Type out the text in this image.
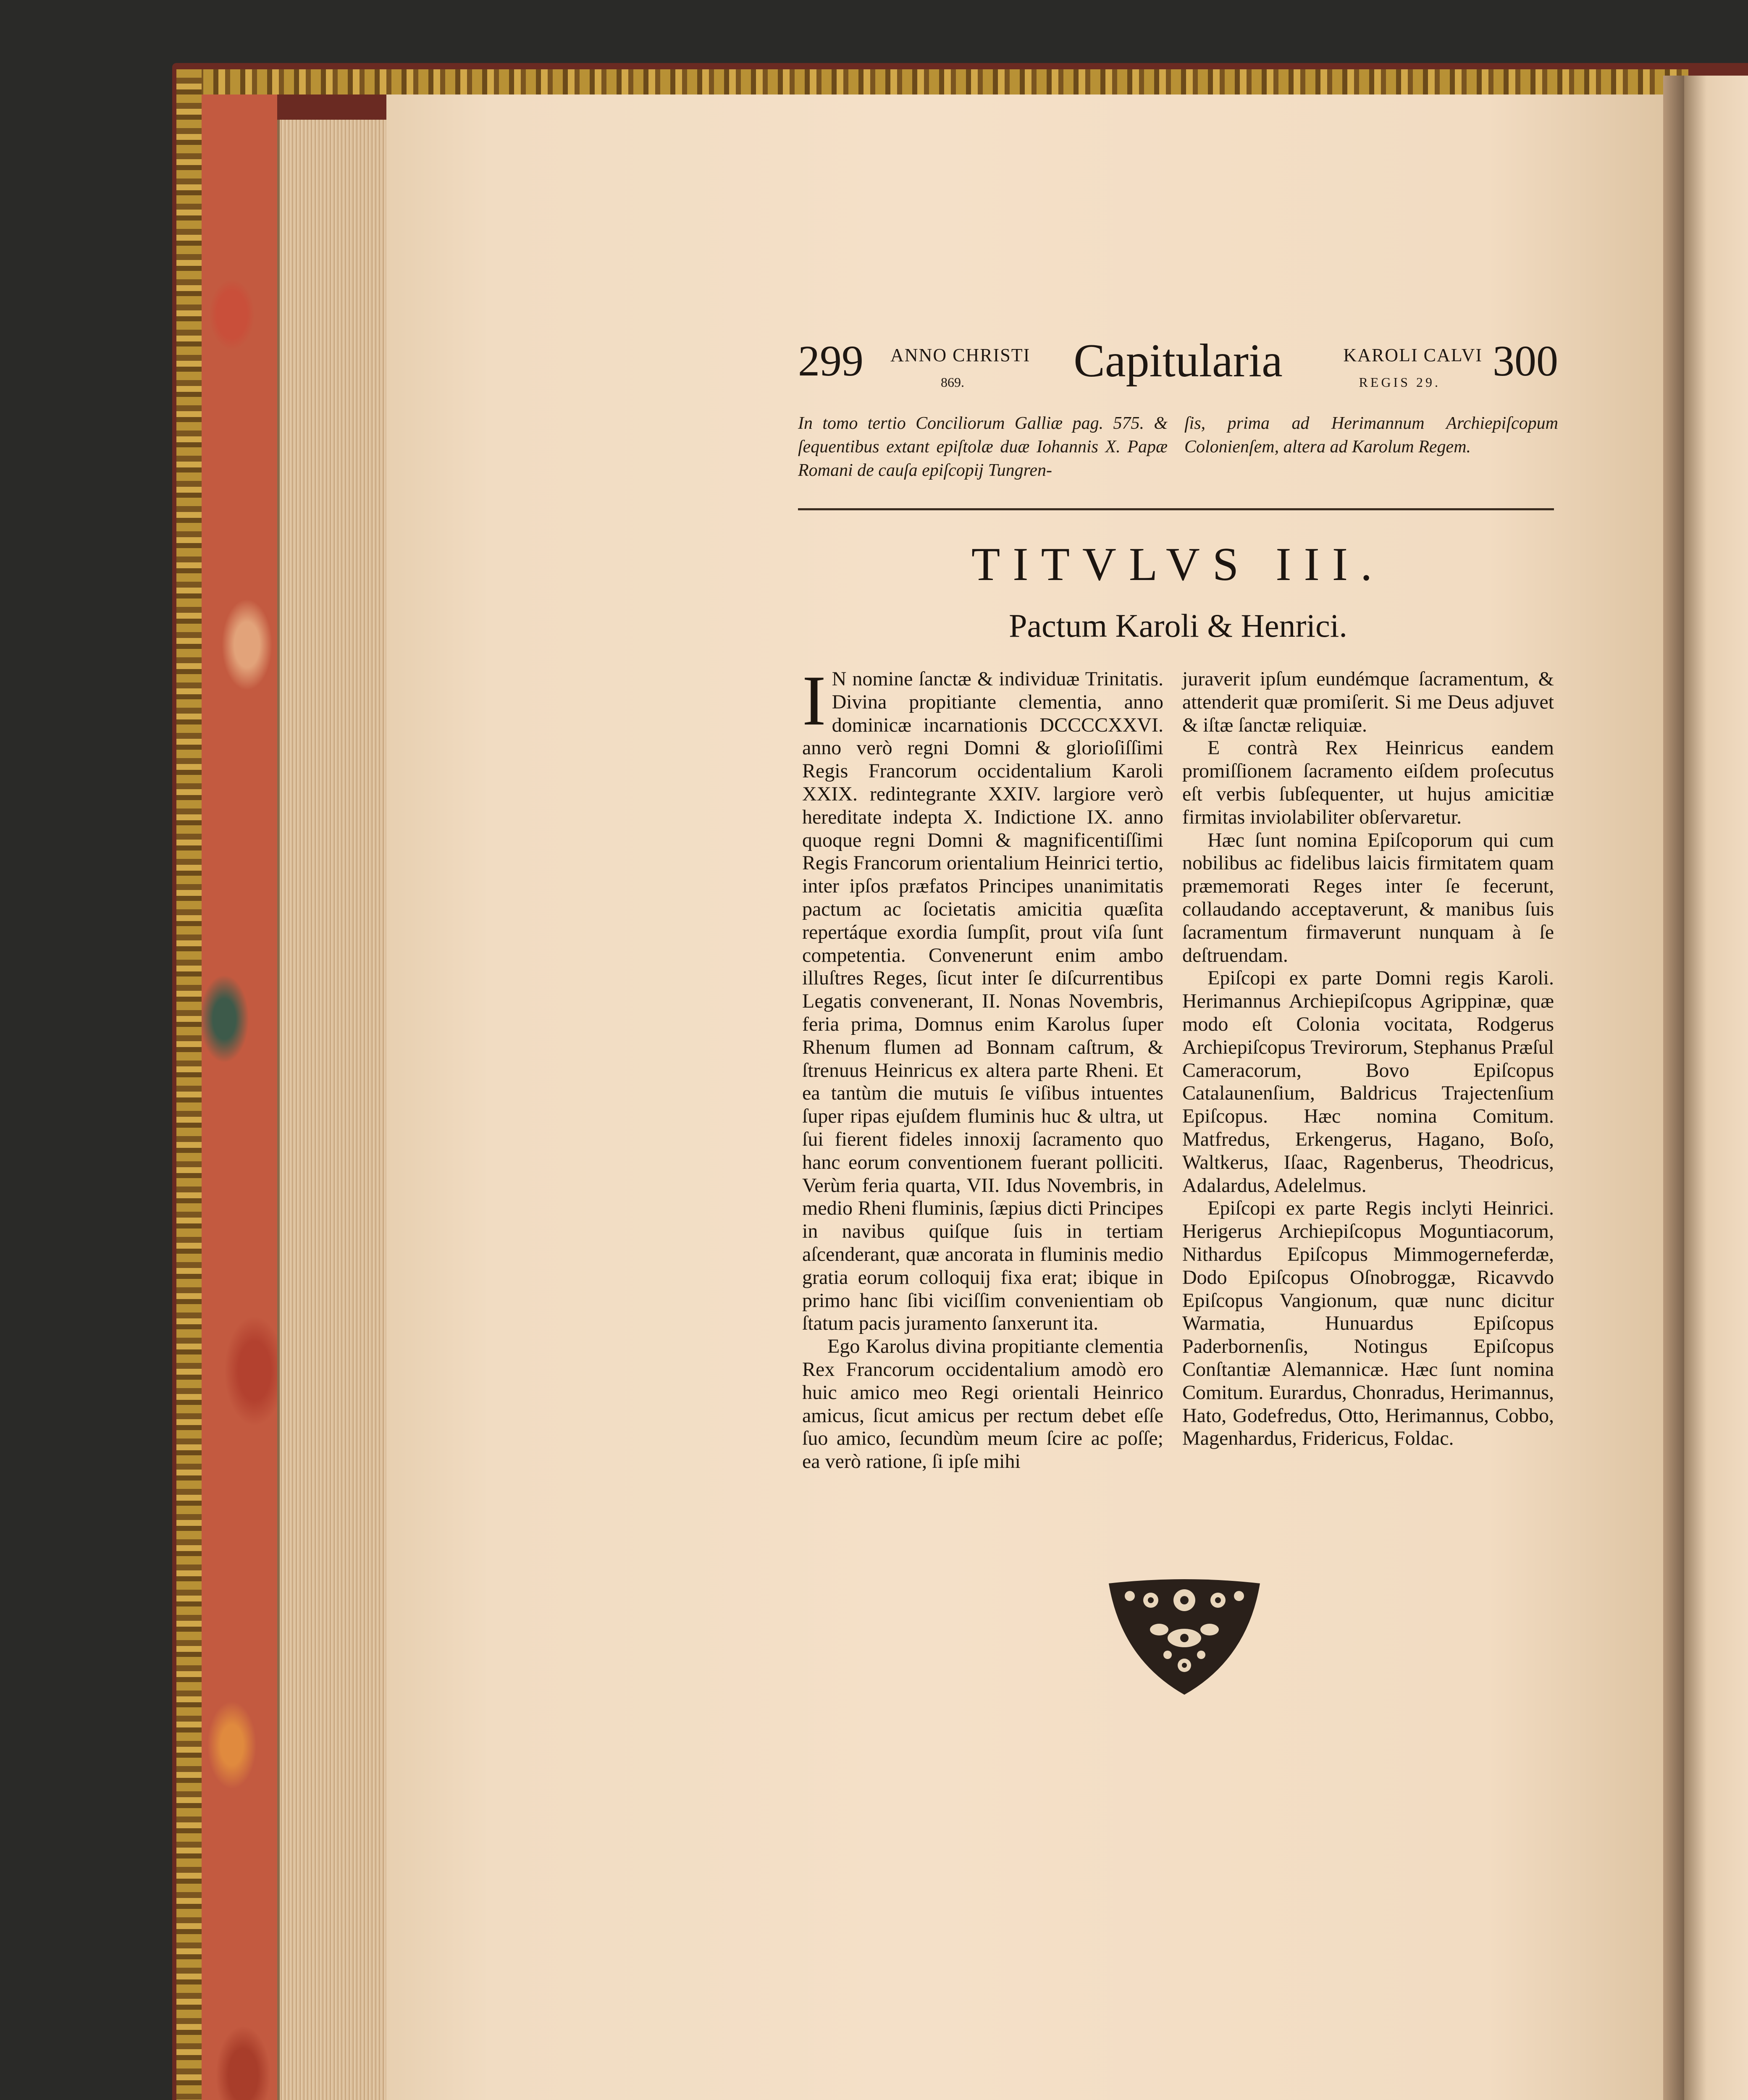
299 ANNO CHRISTI
869.	Capitularia	KAROLI CALVI
REGIS 29. 300
In tomo tertio Conciliorum Galliæ pag. 575. & ſequentibus extant epiſtolæ duæ Iohannis X. Papæ Romani de cauſa epiſcopij Tungren-
ſis, prima ad Herimannum Archiepiſcopum Colonienſem, altera ad Karolum Regem.
TITVLVS III.
Pactum Karoli & Henrici.

I N nomine ſanctæ & individuæ Trinitatis. Divina propitiante clementia, anno dominicæ incarnationis DCCCCXXVI. anno verò regni Domni & glorioſiſſimi Regis Francorum occidentalium Karoli XXIX. redintegrante XXIV. largiore verò hereditate indepta X. Indictione IX. anno quoque regni Domni & magnificentiſſimi Regis Francorum orientalium Heinrici tertio, inter ipſos præfatos Principes unanimitatis pactum ac ſocietatis amicitia quæſita repertáque exordia ſumpſit, prout viſa ſunt competentia. Convenerunt enim ambo illuſtres Reges, ſicut inter ſe diſcurrentibus Legatis convenerant, II. Nonas Novembris, feria prima, Domnus enim Karolus ſuper Rhenum flumen ad Bonnam caſtrum, & ſtrenuus Heinricus ex altera parte Rheni. Et ea tantùm die mutuis ſe viſibus intuentes ſuper ripas ejuſdem fluminis huc & ultra, ut ſui fierent fideles innoxij ſacramento quo hanc eorum conventionem fuerant polliciti. Verùm feria quarta, VII. Idus Novembris, in medio Rheni fluminis, ſæpius dicti Principes in navibus quiſque ſuis in tertiam aſcenderant, quæ ancorata in fluminis medio gratia eorum colloquij fixa erat; ibique in primo hanc ſibi viciſſim convenientiam ob ſtatum pacis juramento ſanxerunt ita.

Ego Karolus divina propitiante clementia Rex Francorum occidentalium amodò ero huic amico meo Regi orientali Heinrico amicus, ſicut amicus per rectum debet eſſe ſuo amico, ſecundùm meum ſcire ac poſſe; ea verò ratione, ſi ipſe mihi

juraverit ipſum eundémque ſacramentum, & attenderit quæ promiſerit. Si me Deus adjuvet & iſtæ ſanctæ reliquiæ.

E contrà Rex Heinricus eandem promiſſionem ſacramento eiſdem proſecutus eſt verbis ſubſequenter, ut hujus amicitiæ firmitas inviolabiliter obſervaretur.

Hæc ſunt nomina Epiſcoporum qui cum nobilibus ac fidelibus laicis firmitatem quam præmemorati Reges inter ſe fecerunt, collaudando acceptaverunt, & manibus ſuis ſacramentum firmaverunt nunquam à ſe deſtruendam.

Epiſcopi ex parte Domni regis Karoli. Herimannus Archiepiſcopus Agrippinæ, quæ modo eſt Colonia vocitata, Rodgerus Archiepiſcopus Trevirorum, Stephanus Præſul Cameracorum, Bovo Epiſcopus Catalaunenſium, Baldricus Trajectenſium Epiſcopus. Hæc nomina Comitum. Matfredus, Erkengerus, Hagano, Boſo, Waltkerus, Iſaac, Ragenberus, Theodricus, Adalardus, Adelelmus.

Epiſcopi ex parte Regis inclyti Heinrici. Herigerus Archiepiſcopus Moguntiacorum, Nithardus Epiſcopus Mimmogerneferdæ, Dodo Epiſcopus Oſnobroggæ, Ricavvdo Epiſcopus Vangionum, quæ nunc dicitur Warmatia, Hunuardus Epiſcopus Paderbornenſis, Notingus Epiſcopus Conſtantiæ Alemannicæ. Hæc ſunt nomina Comitum. Eurardus, Chonradus, Herimannus, Hato, Godefredus, Otto, Herimannus, Cobbo, Magenhardus, Fridericus, Foldac.
